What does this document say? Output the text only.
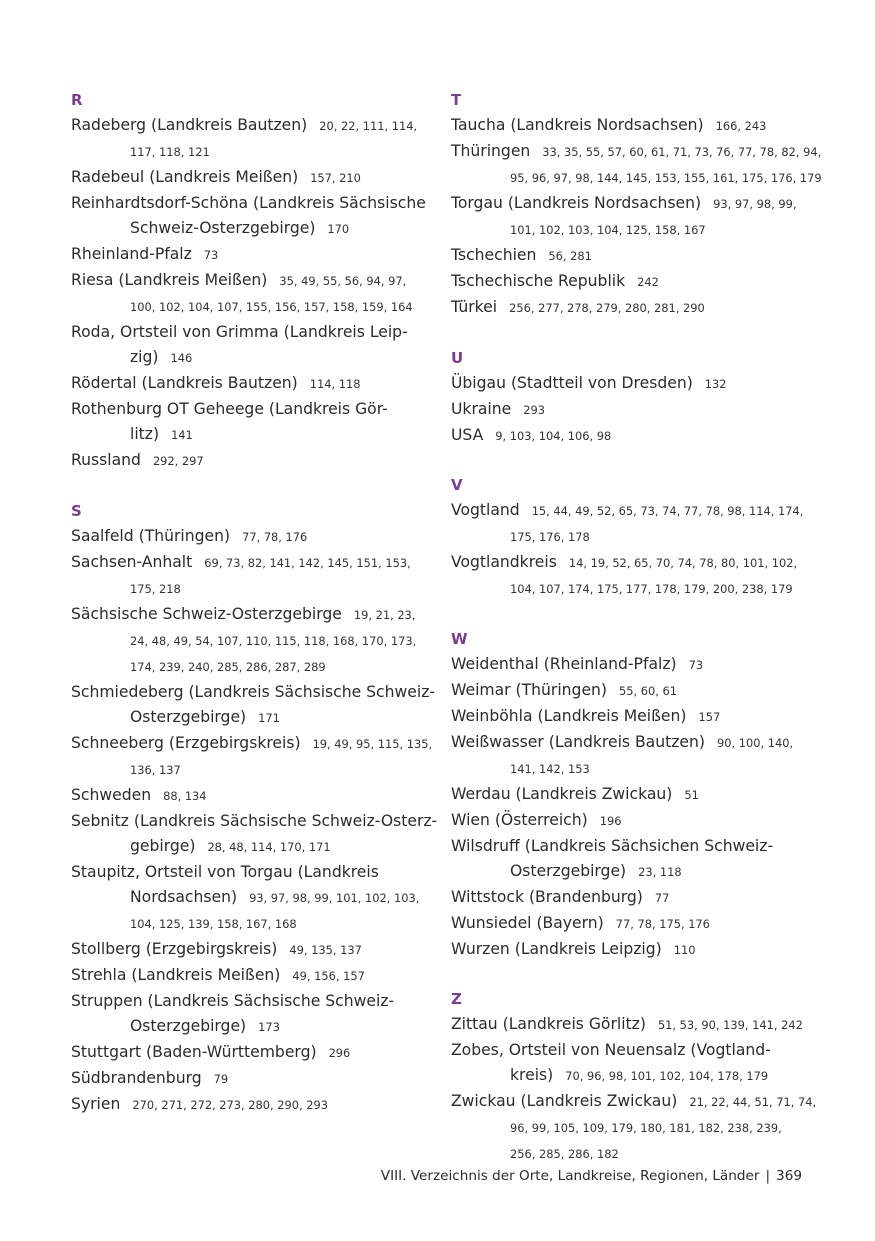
R
Radeberg (Landkreis Bautzen) 20, 22, 111, 114,
117, 118, 121
Radebeul (Landkreis Meißen) 157, 210
Reinhardtsdorf-Schöna (Landkreis Sächsische
Schweiz-Osterzgebirge) 170
Rheinland-Pfalz 73
Riesa (Landkreis Meißen) 35, 49, 55, 56, 94, 97,
100, 102, 104, 107, 155, 156, 157, 158, 159, 164
Roda, Ortsteil von Grimma (Landkreis Leip-
zig) 146
Rödertal (Landkreis Bautzen) 114, 118
Rothenburg OT Geheege (Landkreis Gör-
litz) 141
Russland 292, 297
S
Saalfeld (Thüringen) 77, 78, 176
Sachsen-Anhalt 69, 73, 82, 141, 142, 145, 151, 153,
175, 218
Sächsische Schweiz-Osterzgebirge 19, 21, 23,
24, 48, 49, 54, 107, 110, 115, 118, 168, 170, 173,
174, 239, 240, 285, 286, 287, 289
Schmiedeberg (Landkreis Sächsische Schweiz-
Osterzgebirge) 171
Schneeberg (Erzgebirgskreis) 19, 49, 95, 115, 135,
136, 137
Schweden 88, 134
Sebnitz (Landkreis Sächsische Schweiz-Osterz-
gebirge) 28, 48, 114, 170, 171
Staupitz, Ortsteil von Torgau (Landkreis
Nordsachsen) 93, 97, 98, 99, 101, 102, 103,
104, 125, 139, 158, 167, 168
Stollberg (Erzgebirgskreis) 49, 135, 137
Strehla (Landkreis Meißen) 49, 156, 157
Struppen (Landkreis Sächsische Schweiz-
Osterzgebirge) 173
Stuttgart (Baden-Württemberg) 296
Südbrandenburg 79
Syrien 270, 271, 272, 273, 280, 290, 293
T
Taucha (Landkreis Nordsachsen) 166, 243
Thüringen 33, 35, 55, 57, 60, 61, 71, 73, 76, 77, 78, 82, 94,
95, 96, 97, 98, 144, 145, 153, 155, 161, 175, 176, 179
Torgau (Landkreis Nordsachsen) 93, 97, 98, 99,
101, 102, 103, 104, 125, 158, 167
Tschechien 56, 281
Tschechische Republik 242
Türkei 256, 277, 278, 279, 280, 281, 290
U
Übigau (Stadtteil von Dresden) 132
Ukraine 293
USA 9, 103, 104, 106, 98
V
Vogtland 15, 44, 49, 52, 65, 73, 74, 77, 78, 98, 114, 174,
175, 176, 178
Vogtlandkreis 14, 19, 52, 65, 70, 74, 78, 80, 101, 102,
104, 107, 174, 175, 177, 178, 179, 200, 238, 179
W
Weidenthal (Rheinland-Pfalz) 73
Weimar (Thüringen) 55, 60, 61
Weinböhla (Landkreis Meißen) 157
Weißwasser (Landkreis Bautzen) 90, 100, 140,
141, 142, 153
Werdau (Landkreis Zwickau) 51
Wien (Österreich) 196
Wilsdruff (Landkreis Sächsichen Schweiz-
Osterzgebirge) 23, 118
Wittstock (Brandenburg) 77
Wunsiedel (Bayern) 77, 78, 175, 176
Wurzen (Landkreis Leipzig) 110
Z
Zittau (Landkreis Görlitz) 51, 53, 90, 139, 141, 242
Zobes, Ortsteil von Neuensalz (Vogtland-
kreis) 70, 96, 98, 101, 102, 104, 178, 179
Zwickau (Landkreis Zwickau) 21, 22, 44, 51, 71, 74,
96, 99, 105, 109, 179, 180, 181, 182, 238, 239,
256, 285, 286, 182
VIII. Verzeichnis der Orte, Landkreise, Regionen, Länder | 369
